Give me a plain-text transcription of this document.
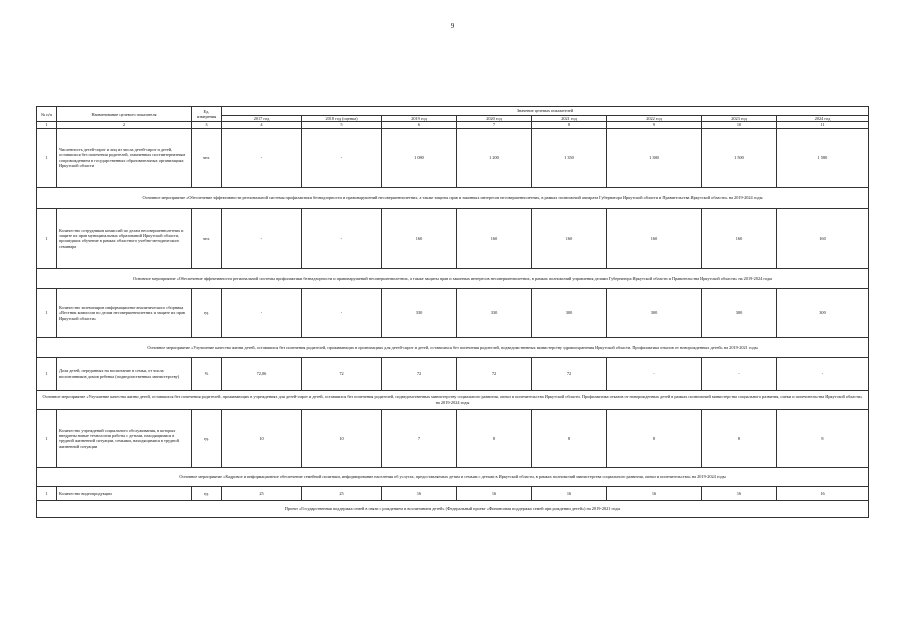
9
№ п/п	Наименование целевого показателя	Ед. измерения	Значение целевых показателей							
			2017 год	2018 год (оценка)	2019 год	2020 год	2021 год	2022 год	2023 год	2024 год
1	2	3	4	5	6	7	8	9	10	11
1	Численность детей-сирот и лиц из числа детей-сирот и детей, оставшихся без попечения родителей, охваченных постинтернатным сопровождением в государственных образовательных организациях Иркутской области	чел.	-	-	1 080	1 200	1 350	1 380	1 500	1 580
Основное мероприятие «Обеспечение эффективности региональной системы профилактики безнадзорности и правонарушений несовершеннолетних, а также защиты прав и законных интересов несовершеннолетних, в рамках полномочий аппарата Губернатора Иркутской области и Правительства Иркутской области» на 2019-2024 годы										
1	Количество сотрудников комиссий по делам несовершеннолетних и защите их прав муниципальных образований Иркутской области, прошедших обучение в рамках областного учебно-методического семинара	чел.	-	-	160	160	160	160	160	160
Основное мероприятие «Обеспечение эффективности региональной системы профилактики безнадзорности и правонарушений несовершеннолетних, а также защиты прав и законных интересов несовершеннолетних, в рамках полномочий управления делами Губернатора Иркутской области и Правительства Иркутской области» на 2019-2024 годы										
1	Количество экземпляров информационно-аналитического сборника «Вестник комиссии по делам несовершеннолетних и защите их прав Иркутской области»	ед.	-	-	330	330	300	300	300	300
Основное мероприятие «Улучшение качества жизни детей, оставшихся без попечения родителей, проживающих в организациях для детей-сирот и детей, оставшихся без попечения родителей, подведомственных министерству здравоохранения Иркутской области. Профилактика отказов от новорожденных детей» на 2019-2021 годы										
1	Доля детей, переданных на воспитание в семьи, от числа воспитанников домов ребенка (подведомственных министерству)	%	72,06	72	72	72	72	-	-	-
Основное мероприятие «Улучшение качества жизни детей, оставшихся без попечения родителей, проживающих в учреждениях для детей-сирот и детей, оставшихся без попечения родителей, подведомственных министерству социального развития, опеки и попечительства Иркутской области. Профилактика отказов от новорожденных детей в рамках полномочий министерства социального развития, опеки и попечительства Иркутской области» на 2019-2024 годы										
1	Количество учреждений социального обслуживания, в которых внедрены новые технологии работы с детьми, находящимися в трудной жизненной ситуации, семьями, находящимися в трудной жизненной ситуации	ед.	10	10	7	8	8	8	8	8
Основное мероприятие «Кадровое и информационное обеспечение семейной политики, информирование населения об услугах, предоставляемых детям и семьям с детьми в Иркутской области, в рамках полномочий министерства социального развития, опеки и попечительства» на 2019-2024 годы										
1	Количество видеопродукции	ед.	25	25	16	16	16	16	16	16
Проект «Государственная поддержка семей в связи с рождением и воспитанием детей» (Федеральный проект «Финансовая поддержка семей при рождении детей») на 2019-2021 годы										
